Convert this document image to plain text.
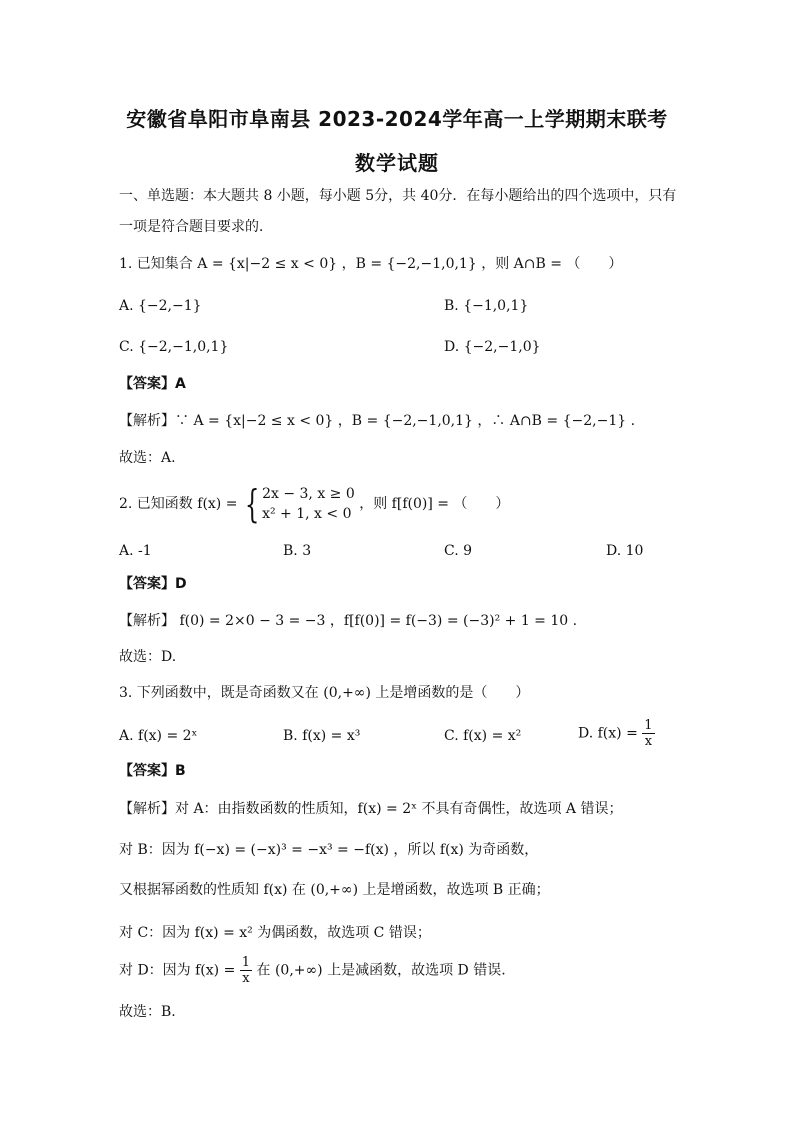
安徽省阜阳市阜南县 2023-2024学年高一上学期期末联考
数学试题
一、单选题：本大题共 8 小题，每小题 5分，共 40分．在每小题给出的四个选项中，只有
一项是符合题目要求的．
1. 已知集合 A = {x|−2 ≤ x < 0} ，B = {−2,−1,0,1} ，则 A∩B = （　　）
A. {−2,−1}	B. {−1,0,1}
C. {−2,−1,0,1}	D. {−2,−1,0}
【答案】A
【解析】∵ A = {x|−2 ≤ x < 0} ，B = {−2,−1,0,1} ，∴ A∩B = {−2,−1} .
故选：A.
2. 已知函数 f(x) = { 2x − 3, x ≥ 0
x² + 1, x < 0
，则 f[f(0)] = （　　）
A. -1	B. 3	C. 9	D. 10
【答案】D
【解析】 f(0) = 2×0 − 3 = −3 ，f[f(0)] = f(−3) = (−3)² + 1 = 10 .
故选：D.
3. 下列函数中，既是奇函数又在 (0,+∞) 上是增函数的是（　　）
A. f(x) = 2ˣ	B. f(x) = x³	C. f(x) = x²	D. $f(x) = \frac{1}{x}$
【答案】B
【解析】对 A：由指数函数的性质知，f(x) = 2ˣ 不具有奇偶性，故选项 A 错误；
对 B：因为 f(−x) = (−x)³ = −x³ = −f(x) ，所以 f(x) 为奇函数，
又根据幂函数的性质知 f(x) 在 (0,+∞) 上是增函数，故选项 B 正确；
对 C：因为 f(x) = x² 为偶函数，故选项 C 错误；
对 D：因为 $f(x) = \frac{1}{x}$ 在 (0,+∞) 上是减函数，故选项 D 错误.
故选：B.
